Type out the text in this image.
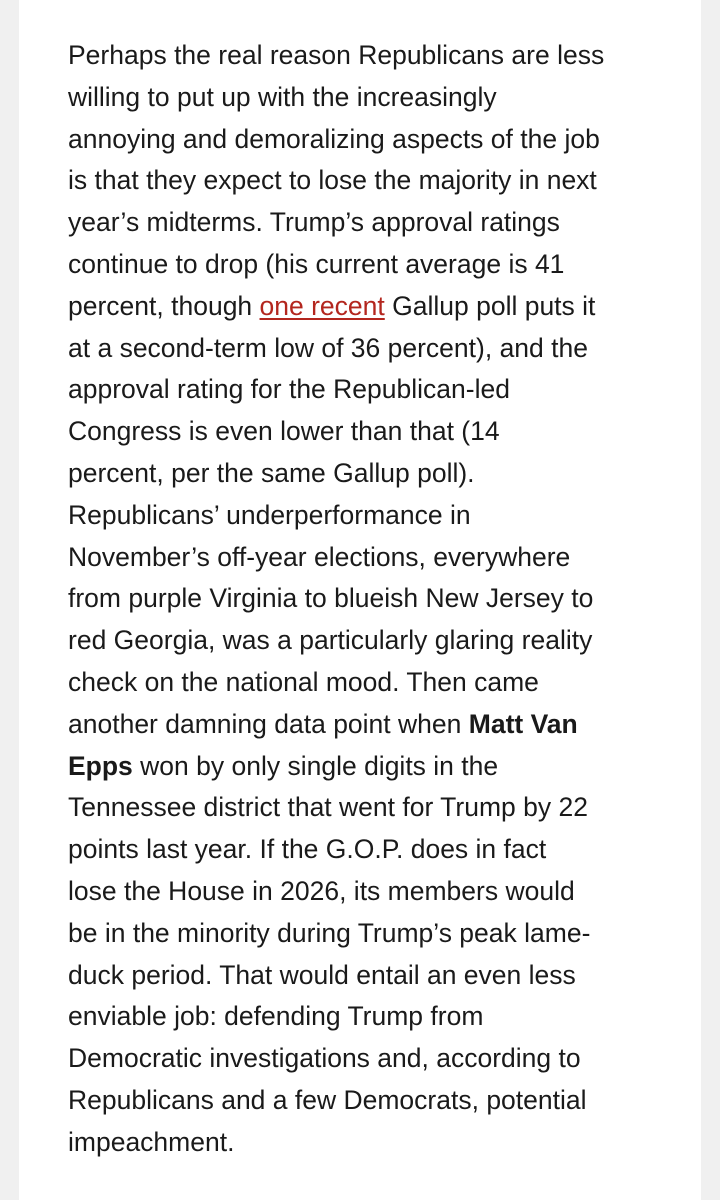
Perhaps the real reason Republicans are less
willing to put up with the increasingly
annoying and demoralizing aspects of the job
is that they expect to lose the majority in next
year’s midterms. Trump’s approval ratings
continue to drop (his current average is 41
percent, though one recent Gallup poll puts it
at a second-term low of 36 percent), and the
approval rating for the Republican-led
Congress is even lower than that (14
percent, per the same Gallup poll).
Republicans’ underperformance in
November’s off-year elections, everywhere
from purple Virginia to blueish New Jersey to
red Georgia, was a particularly glaring reality
check on the national mood. Then came
another damning data point when Matt Van
Epps won by only single digits in the
Tennessee district that went for Trump by 22
points last year. If the G.O.P. does in fact
lose the House in 2026, its members would
be in the minority during Trump’s peak lame-
duck period. That would entail an even less
enviable job: defending Trump from
Democratic investigations and, according to
Republicans and a few Democrats, potential
impeachment.
